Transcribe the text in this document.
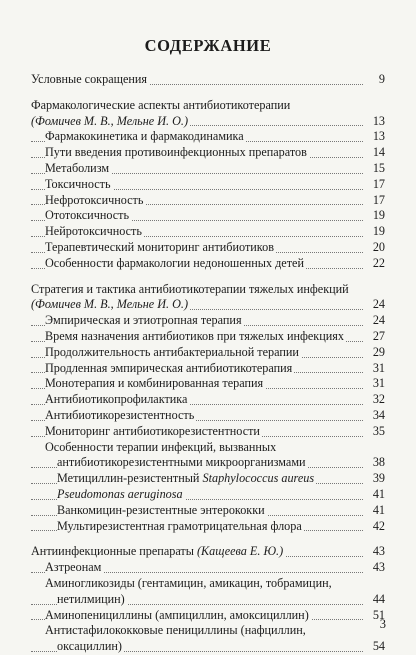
СОДЕРЖАНИЕ
Условные сокращения	9
Фармакологические аспекты антибиотикотерапии
(Фомичев М. В., Мельне И. О.)	13
Фармакокинетика и фармакодинамика	13
Пути введения противоинфекционных препаратов	14
Метаболизм	15
Токсичность	17
Нефротоксичность	17
Ототоксичность	19
Нейротоксичность	19
Терапевтический мониторинг антибиотиков	20
Особенности фармакологии недоношенных детей	22
Стратегия и тактика антибиотикотерапии тяжелых инфекций
(Фомичев М. В., Мельне И. О.)	24
Эмпирическая и этиотропная терапия	24
Время назначения антибиотиков при тяжелых инфекциях	27
Продолжительность антибактериальной терапии	29
Продленная эмпирическая антибиотикотерапия	31
Монотерапия и комбинированная терапия	31
Антибиотикопрофилактика	32
Антибиотикорезистентность	34
Мониторинг антибиотикорезистентности	35
Особенности терапии инфекций, вызванных
антибиотикорезистентными микроорганизмами	38
Метициллин-резистентный Staphylococcus aureus	39
Pseudomonas aeruginosa	41
Ванкомицин-резистентные энтерококки	41
Мультирезистентная грамотрицательная флора	42
Антиинфекционные препараты (Кащеева Е. Ю.)	43
Азтреонам	43
Аминогликозиды (гентамицин, амикацин, тобрамицин,
нетилмицин)	44
Аминопенициллины (ампициллин, амоксициллин)	51
Антистафилококковые пенициллины (нафциллин,
оксациллин)	54
3
